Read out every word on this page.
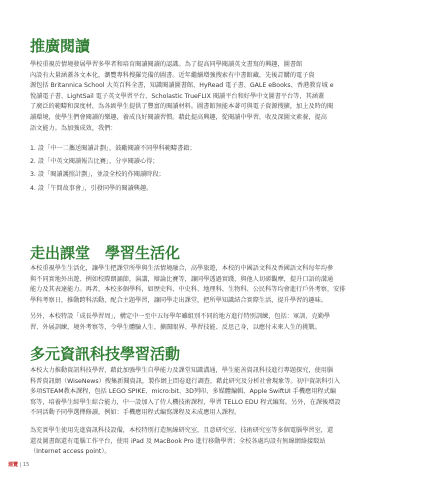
推廣閱讀

學校重視於情境發展學習多學者和培育閱讀閱讀的認識。為了提高同學閱讀英文書寫的興趣，圖書館

內設有大量涵蓋各文本化，瀏覽專科搜羅完備的圖書。近年繼續增強搜索有中書館藏，先後訂購的電子資

源包括 Britannica School 大英百科全書，知識閱讀圖書館、HyRead 電子書、GALE eBooks、香港教育城 e

悅讀電子書、LightSail 電子英文學習平台、Scholastic TrueFLIX 閱讀平台和好學中文圖書平台等，其涵蓋

了廣泛的範疇和深度材，為各級學生提供了豐富的閱讀材料。圖書館無能本著可與電子資源搜擴，加上及時的閱

讀環境，使學生們會閱讀的樂趣，養成良好閱讀習慣。藉此提高興趣，從閱讀中學習，收及深圖文素養，提高

語文能力。為加強成效，我們：

1. 設「中一二攜送閱讀計劃」，鼓勵閱讀不同學科範疇書籍；

2. 設「中英文閱讀報告比賽」，分享閱讀心得；

3. 設「閱讀護照計劃」，並設全校的作閱讀時段；

4. 設「午間故事會」，引發同學的閱讀興趣。

走出課堂　學習生活化

本校重視學生生活化，讓學生把課堂所學與生活情境融合，高學旅遊，本校的中國語文科及香國語文科每年均參

與不同實地外出遊、例如校際朗誦節，演講，辯論比賽等，讓同學透過實踐，與他人切磋觀摩，提升口語的溝通

能力及其表達能力。再者，本校多個學科，如歷史科、中史科、地理科、生物科、公民科等均會進行戶外考察，安排

學科考察日，推動跨科活動，配合主題學習，讓同學走出課堂，把所學知識結合實際生活，提升學習的趣味。

另外，本校特設「成長學習周」，構定中一至中五每學年雖組別不同的地方進行特別訓練，包括：軍訓、克勤學

習、外展訓練，境外考察等，令學生體驗人生、擴闊眼界、學習技能、反思己身，以應付未來人生的挑戰。

多元資訊科技學習活動

本校大力推動資訊科技學習，藉此加強學生自學能力及課堂知識溝通，學生能善資訊科技進行專題探究，使用腦

科普資訊網（WiseNews）搜集新聞資訊，製作網上問卷進行調查，藉此研究及分析社會現象等。初中資訊科引入

多項STEAM教本課程，包括 LEGO SPIKE、micro:bit、3D列印、多媒體編輯、Apple SwiftUI 手機應用程式編

寫等，培養學生綜學生綜合能力，中一設加入了侍人機技術課程，學習 TELLO EDU 程式編寫。另外，在課後增設

不同活動予同學選擇修讀，例如：手機應用程式編寫課程及未成應用人課程。

為充實學生使用先進資訊科技設備，本校特別打造無線研究室，且意研究室、技術研究室等多個電腦學習室，還

還及圖書館還有電腦工作平台，使用 iPad 及 MacBook Pro 進行移動學習；全校各處均設有無線網絡接駁站

（Internet access point）。

週覽 | 15
